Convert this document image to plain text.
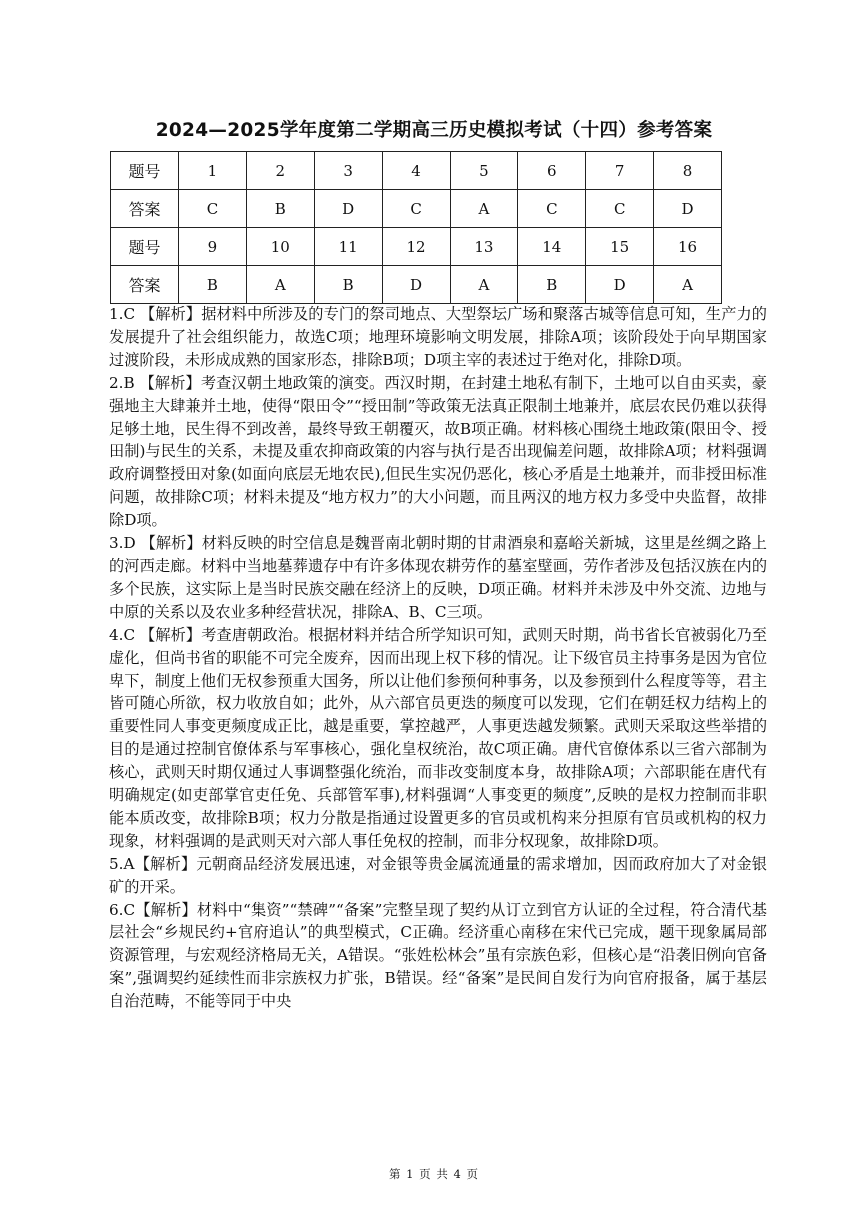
2024—2025学年度第二学期高三历史模拟考试（十四）参考答案
题号	1	2	3	4	5	6	7	8
答案	C	B	D	C	A	C	C	D
题号	9	10	11	12	13	14	15	16
答案	B	A	B	D	A	B	D	A

1.C 【解析】据材料中所涉及的专门的祭司地点、大型祭坛广场和聚落古城等信息可知，生产力的发展提升了社会组织能力，故选C项；地理环境影响文明发展，排除A项；该阶段处于向早期国家过渡阶段，未形成成熟的国家形态，排除B项；D项主宰的表述过于绝对化，排除D项。

2.B 【解析】考查汉朝土地政策的演变。西汉时期，在封建土地私有制下，土地可以自由买卖，豪强地主大肆兼并土地，使得“限田令”“授田制”等政策无法真正限制土地兼并，底层农民仍难以获得足够土地，民生得不到改善，最终导致王朝覆灭，故B项正确。材料核心围绕土地政策(限田令、授田制)与民生的关系，未提及重农抑商政策的内容与执行是否出现偏差问题，故排除A项；材料强调政府调整授田对象(如面向底层无地农民),但民生实况仍恶化，核心矛盾是土地兼并，而非授田标准问题，故排除C项；材料未提及“地方权力”的大小问题，而且两汉的地方权力多受中央监督，故排除D项。

3.D 【解析】材料反映的时空信息是魏晋南北朝时期的甘肃酒泉和嘉峪关新城，这里是丝绸之路上的河西走廊。材料中当地墓葬遗存中有许多体现农耕劳作的墓室壁画，劳作者涉及包括汉族在内的多个民族，这实际上是当时民族交融在经济上的反映，D项正确。材料并未涉及中外交流、边地与中原的关系以及农业多种经营状况，排除A、B、C三项。

4.C 【解析】考查唐朝政治。根据材料并结合所学知识可知，武则天时期，尚书省长官被弱化乃至虚化，但尚书省的职能不可完全废弃，因而出现上权下移的情况。让下级官员主持事务是因为官位卑下，制度上他们无权参预重大国务，所以让他们参预何种事务，以及参预到什么程度等等，君主皆可随心所欲，权力收放自如；此外，从六部官员更迭的频度可以发现，它们在朝廷权力结构上的重要性同人事变更频度成正比，越是重要，掌控越严，人事更迭越发频繁。武则天采取这些举措的目的是通过控制官僚体系与军事核心，强化皇权统治，故C项正确。唐代官僚体系以三省六部制为核心，武则天时期仅通过人事调整强化统治，而非改变制度本身，故排除A项；六部职能在唐代有明确规定(如吏部掌官吏任免、兵部管军事),材料强调“人事变更的频度”,反映的是权力控制而非职能本质改变，故排除B项；权力分散是指通过设置更多的官员或机构来分担原有官员或机构的权力现象，材料强调的是武则天对六部人事任免权的控制，而非分权现象，故排除D项。

5.A【解析】元朝商品经济发展迅速，对金银等贵金属流通量的需求增加，因而政府加大了对金银矿的开采。

6.C【解析】材料中“集资”“禁碑”“备案”完整呈现了契约从订立到官方认证的全过程，符合清代基层社会“乡规民约+官府追认”的典型模式，C正确。经济重心南移在宋代已完成，题干现象属局部资源管理，与宏观经济格局无关，A错误。“张姓松林会”虽有宗族色彩，但核心是“沿袭旧例向官备案”,强调契约延续性而非宗族权力扩张，B错误。经“备案”是民间自发行为向官府报备，属于基层自治范畴，不能等同于中央

第 1 页 共 4 页
